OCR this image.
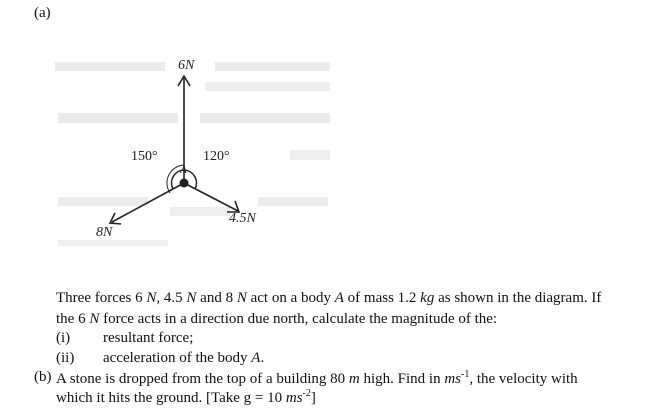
(a)
6N
8N
4.5N
150°	120°
A
Three forces 6 N, 4.5 N and 8 N act on a body A of mass 1.2 kg as shown in the diagram. If
the 6 N force acts in a direction due north, calculate the magnitude of the:
(i) resultant force;
(ii) acceleration of the body A.
(b) A stone is dropped from the top of a building 80 m high. Find in $ms^{-1}$, the velocity with
which it hits the ground. [Take g = 10 $ms^{-2}$]
